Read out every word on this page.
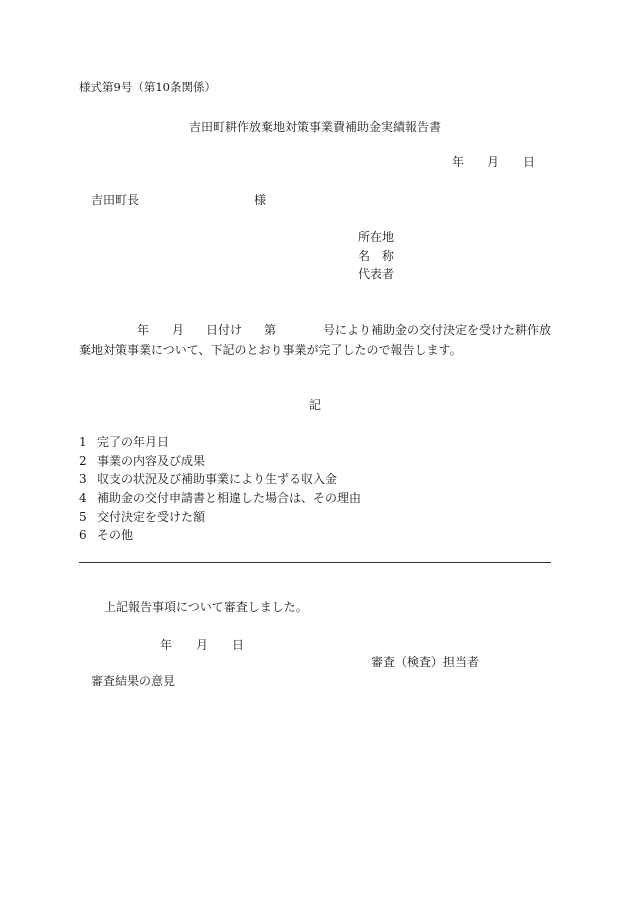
様式第9号（第10条関係）
吉田町耕作放棄地対策事業費補助金実績報告書
年 月 日
吉田町長	様
所在地
名　称
代表者
年 月 日付け 第	号により補助金の交付決定を受けた耕作放
棄地対策事業について、下記のとおり事業が完了したので報告します。
記
1 完了の年月日
2 事業の内容及び成果
3 収支の状況及び補助事業により生ずる収入金
4 補助金の交付申請書と相違した場合は、その理由
5 交付決定を受けた額
6 その他
上記報告事項について審査しました。
年 月 日
審査（検査）担当者
審査結果の意見
